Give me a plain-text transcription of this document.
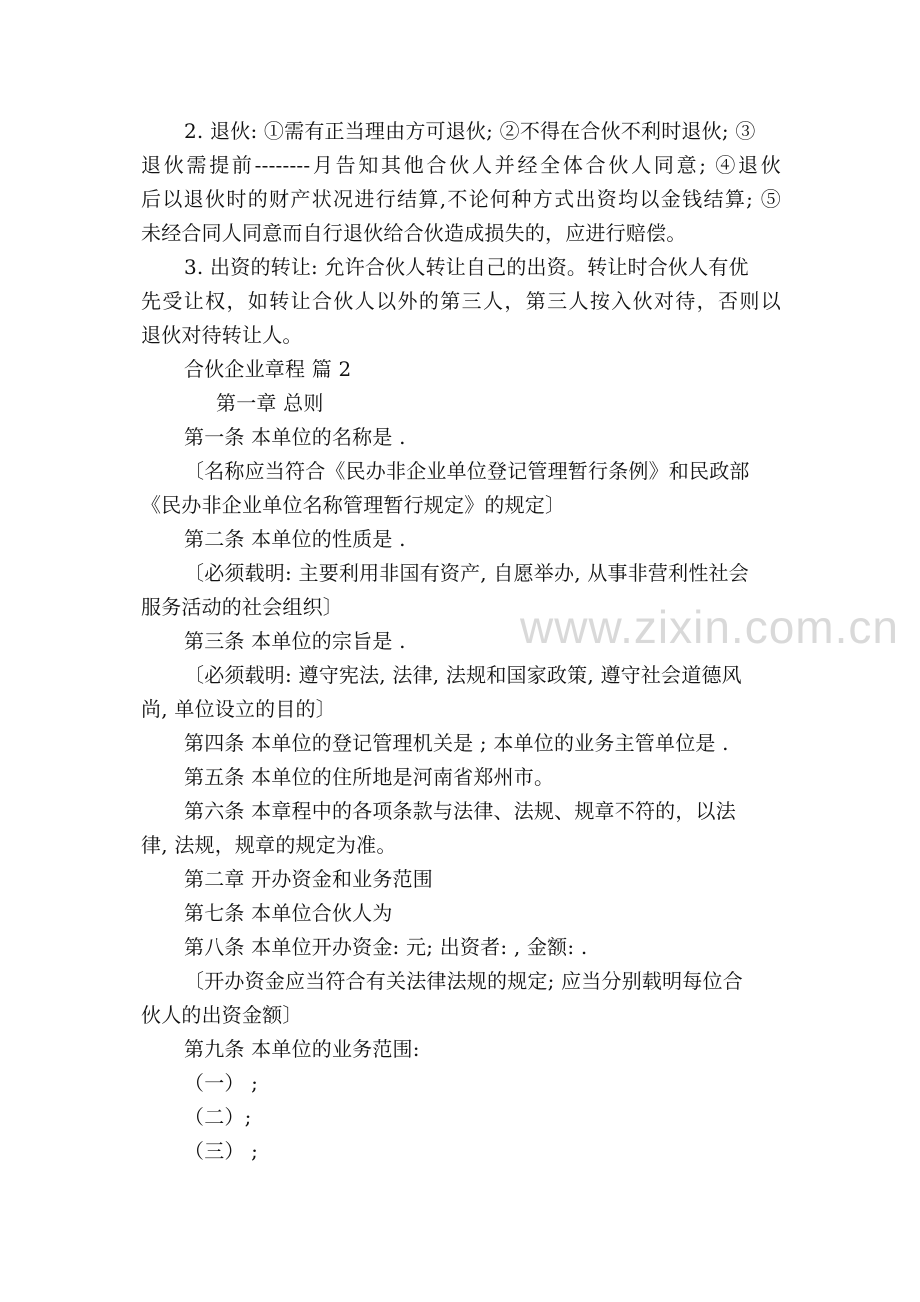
www.zixin.com.cn
2. 退伙: ①需有正当理由方可退伙; ②不得在合伙不利时退伙; ③
退伙需提前--------月告知其他合伙人并经全体合伙人同意; ④退伙
后以退伙时的财产状况进行结算,不论何种方式出资均以金钱结算; ⑤
未经合同人同意而自行退伙给合伙造成损失的，应进行赔偿。
3. 出资的转让: 允许合伙人转让自己的出资。转让时合伙人有优
先受让权，如转让合伙人以外的第三人，第三人按入伙对待，否则以
退伙对待转让人。
合伙企业章程 篇 2
第一章 总则
第一条 本单位的名称是 .
〔名称应当符合《民办非企业单位登记管理暂行条例》和民政部
《民办非企业单位名称管理暂行规定》的规定〕
第二条 本单位的性质是 .
〔必须载明: 主要利用非国有资产, 自愿举办, 从事非营利性社会
服务活动的社会组织〕
第三条 本单位的宗旨是 .
〔必须载明: 遵守宪法, 法律, 法规和国家政策, 遵守社会道德风
尚, 单位设立的目的〕
第四条 本单位的登记管理机关是 ; 本单位的业务主管单位是 .
第五条 本单位的住所地是河南省郑州市。
第六条 本章程中的各项条款与法律、法规、规章不符的，以法
律, 法规，规章的规定为准。
第二章 开办资金和业务范围
第七条 本单位合伙人为
第八条 本单位开办资金: 元; 出资者: , 金额: .
〔开办资金应当符合有关法律法规的规定; 应当分别载明每位合
伙人的出资金额〕
第九条 本单位的业务范围:
（一） ;
（二）;
（三） ;
